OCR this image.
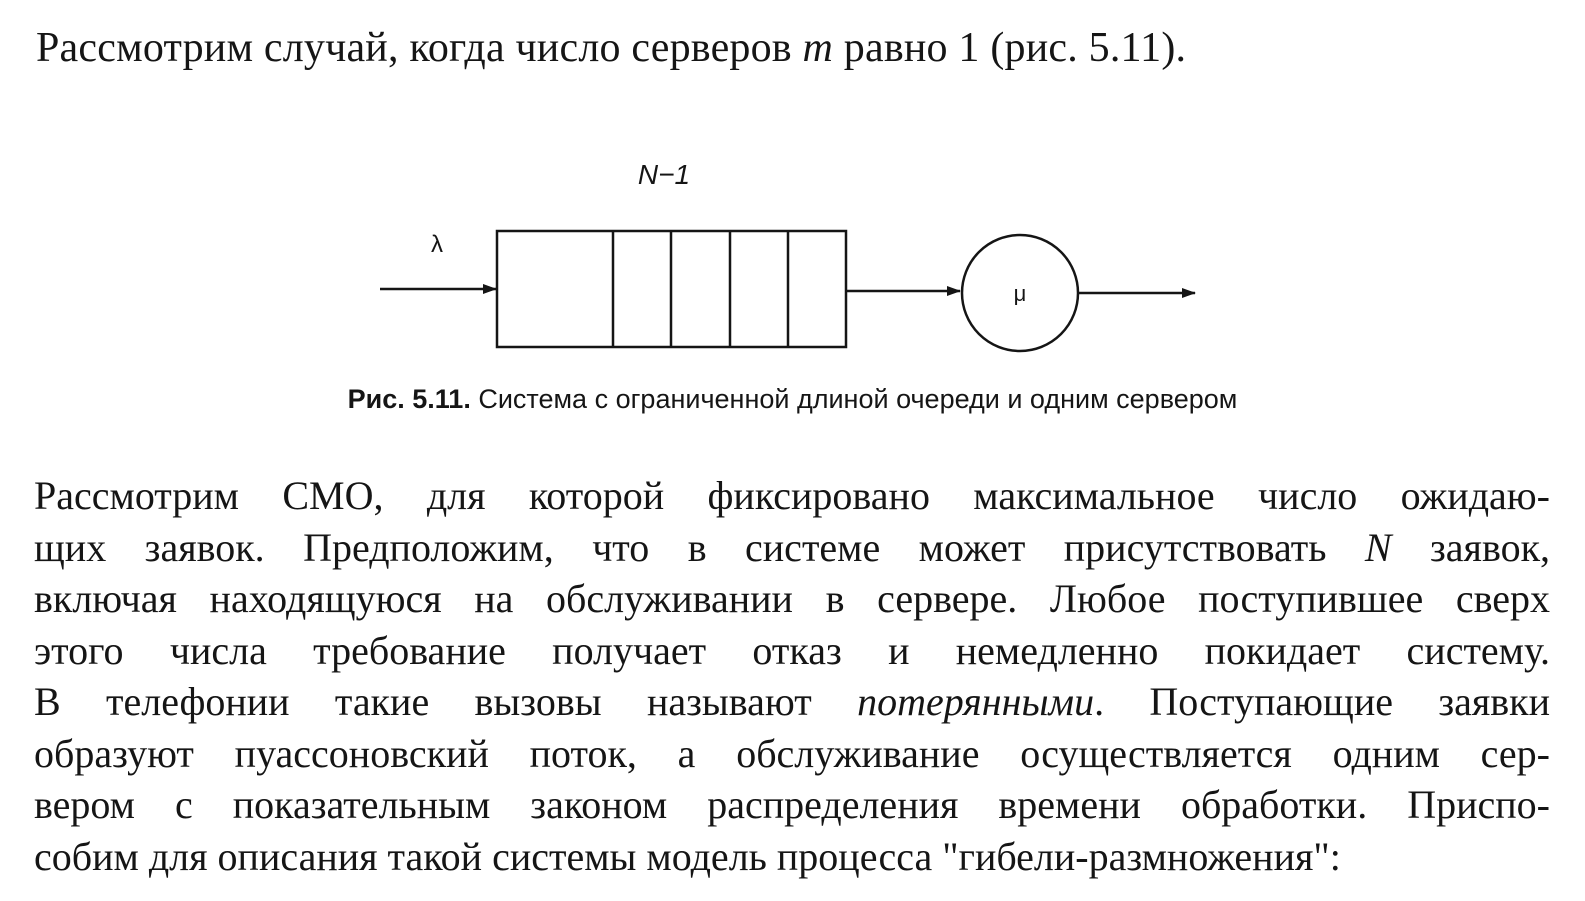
Рассмотрим случай, когда число серверов m равно 1 (рис. 5.11).
N−1
λ
μ
Рис. 5.11. Система с ограниченной длиной очереди и одним сервером
Рассмотрим СМО, для которой фиксировано максимальное число ожидаю-
щих заявок. Предположим, что в системе может присутствовать N заявок,
включая находящуюся на обслуживании в сервере. Любое поступившее сверх
этого числа требование получает отказ и немедленно покидает систему.
В телефонии такие вызовы называют потерянными. Поступающие заявки
образуют пуассоновский поток, а обслуживание осуществляется одним сер-
вером с показательным законом распределения времени обработки. Приспо-
собим для описания такой системы модель процесса "гибели-размножения":
